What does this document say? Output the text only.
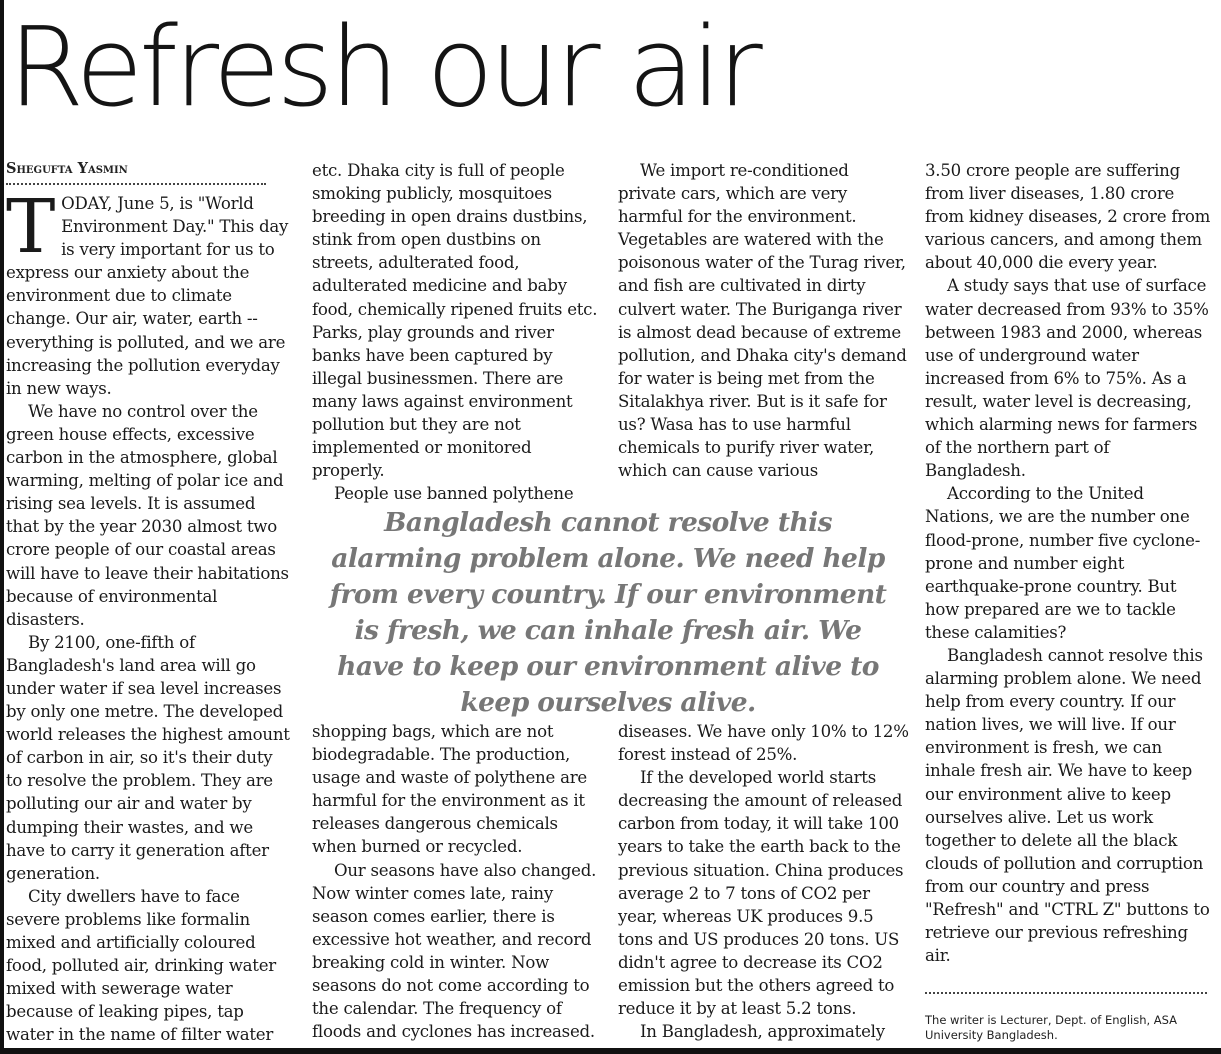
Refresh our air
Shegufta Yasmin

TODAY, June 5, is "World Environment Day." This day is very important for us to express our anxiety about the environment due to climate change. Our air, water, earth -- everything is polluted, and we are increasing the pollution everyday in new ways.

We have no control over the green house effects, excessive carbon in the atmosphere, global warming, melting of polar ice and rising sea levels. It is assumed that by the year 2030 almost two crore people of our coastal areas will have to leave their habitations because of environmental disasters.

By 2100, one-fifth of Bangladesh's land area will go under water if sea level increases by only one metre. The developed world releases the highest amount of carbon in air, so it's their duty to resolve the problem. They are polluting our air and water by dumping their wastes, and we have to carry it generation after generation.

City dwellers have to face severe problems like formalin mixed and artificially coloured food, polluted air, drinking water mixed with sewerage water because of leaking pipes, tap water in the name of filter water

etc. Dhaka city is full of people smoking publicly, mosquitoes breeding in open drains dustbins, stink from open dustbins on streets, adulterated food, adulterated medicine and baby food, chemically ripened fruits etc. Parks, play grounds and river banks have been captured by illegal businessmen. There are many laws against environment pollution but they are not implemented or monitored properly.

People use banned polythene

We import re-conditioned private cars, which are very harmful for the environment. Vegetables are watered with the poisonous water of the Turag river, and fish are cultivated in dirty culvert water. The Buriganga river is almost dead because of extreme pollution, and Dhaka city's demand for water is being met from the Sitalakhya river. But is it safe for us? Wasa has to use harmful chemicals to purify river water, which can cause various

Bangladesh cannot resolve this alarming problem alone. We need help from every country. If our environment is fresh, we can inhale fresh air. We have to keep our environment alive to keep ourselves alive.

shopping bags, which are not biodegradable. The production, usage and waste of polythene are harmful for the environment as it releases dangerous chemicals when burned or recycled.

Our seasons have also changed. Now winter comes late, rainy season comes earlier, there is excessive hot weather, and record breaking cold in winter. Now seasons do not come according to the calendar. The frequency of floods and cyclones has increased.

diseases. We have only 10% to 12% forest instead of 25%.

If the developed world starts decreasing the amount of released carbon from today, it will take 100 years to take the earth back to the previous situation. China produces average 2 to 7 tons of CO2 per year, whereas UK produces 9.5 tons and US produces 20 tons. US didn't agree to decrease its CO2 emission but the others agreed to reduce it by at least 5.2 tons.

In Bangladesh, approximately

3.50 crore people are suffering from liver diseases, 1.80 crore from kidney diseases, 2 crore from various cancers, and among them about 40,000 die every year.

A study says that use of surface water decreased from 93% to 35% between 1983 and 2000, whereas use of underground water increased from 6% to 75%. As a result, water level is decreasing, which alarming news for farmers of the northern part of Bangladesh.

According to the United Nations, we are the number one flood-prone, number five cyclone-prone and number eight earthquake-prone country. But how prepared are we to tackle these calamities?

Bangladesh cannot resolve this alarming problem alone. We need help from every country. If our nation lives, we will live. If our environment is fresh, we can inhale fresh air. We have to keep our environment alive to keep ourselves alive. Let us work together to delete all the black clouds of pollution and corruption from our country and press "Refresh" and "CTRL Z" buttons to retrieve our previous refreshing air.

The writer is Lecturer, Dept. of English, ASA University Bangladesh.
